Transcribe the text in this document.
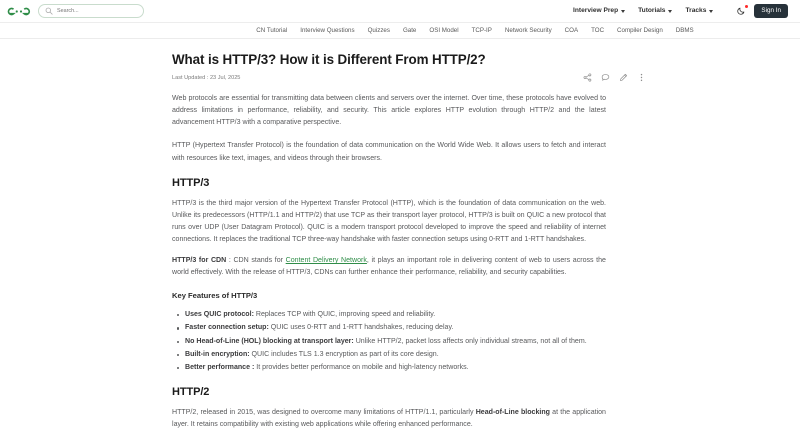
Search...
Interview Prep	Tutorials	Tracks	Sign In
CN Tutorial Interview Questions Quizzes Gate OSI Model TCP-IP Network Security COA TOC Compiler Design DBMS
What is HTTP/3? How it is Different From HTTP/2?
Last Updated : 23 Jul, 2025

Web protocols are essential for transmitting data between clients and servers over the internet. Over time, these protocols have evolved to address limitations in performance, reliability, and security. This article explores HTTP evolution through HTTP/2 and the latest advancement HTTP/3 with a comparative perspective.

HTTP (Hypertext Transfer Protocol) is the foundation of data communication on the World Wide Web. It allows users to fetch and interact with resources like text, images, and videos through their browsers.

HTTP/3

HTTP/3 is the third major version of the Hypertext Transfer Protocol (HTTP), which is the foundation of data communication on the web. Unlike its predecessors (HTTP/1.1 and HTTP/2) that use TCP as their transport layer protocol, HTTP/3 is built on QUIC a new protocol that runs over UDP (User Datagram Protocol). QUIC is a modern transport protocol developed to improve the speed and reliability of internet connections. It replaces the traditional TCP three-way handshake with faster connection setups using 0-RTT and 1-RTT handshakes.

HTTP/3 for CDN : CDN stands for Content Delivery Network, it plays an important role in delivering content of web to users across the world effectively. With the release of HTTP/3, CDNs can further enhance their performance, reliability, and security capabilities.

Key Features of HTTP/3
Uses QUIC protocol: Replaces TCP with QUIC, improving speed and reliability.
Faster connection setup: QUIC uses 0-RTT and 1-RTT handshakes, reducing delay.
No Head-of-Line (HOL) blocking at transport layer: Unlike HTTP/2, packet loss affects only individual streams, not all of them.
Built-in encryption: QUIC includes TLS 1.3 encryption as part of its core design.
Better performance : It provides better performance on mobile and high-latency networks.
HTTP/2

HTTP/2, released in 2015, was designed to overcome many limitations of HTTP/1.1, particularly Head-of-Line blocking at the application layer. It retains compatibility with existing web applications while offering enhanced performance.
